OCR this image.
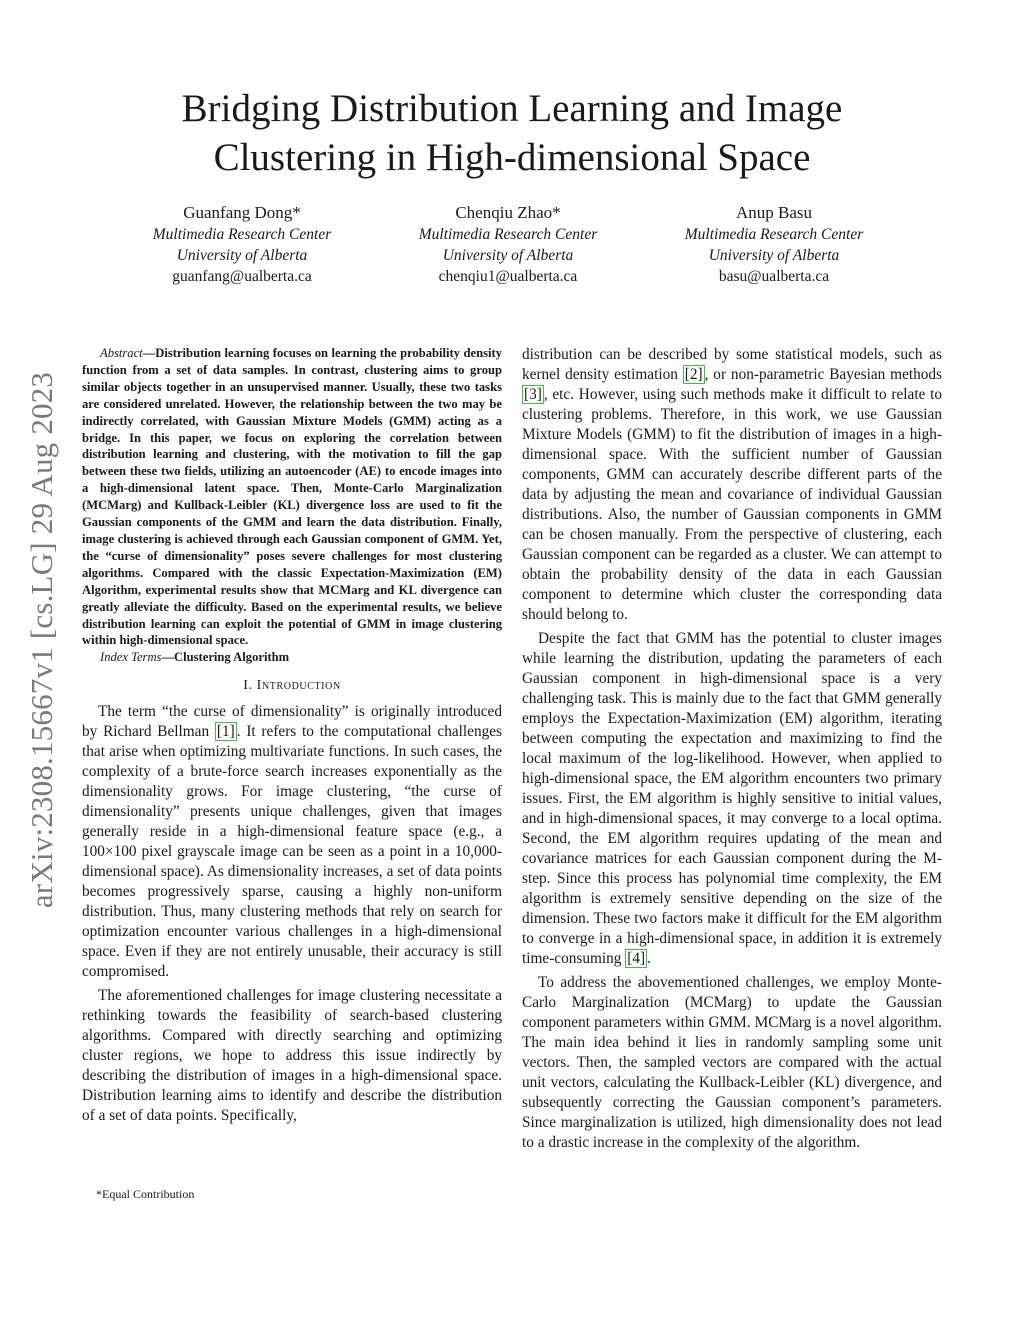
arXiv:2308.15667v1 [cs.LG] 29 Aug 2023
Bridging Distribution Learning and Image
Clustering in High-dimensional Space
Guanfang Dong*
Multimedia Research Center
University of Alberta
guanfang@ualberta.ca
Chenqiu Zhao*
Multimedia Research Center
University of Alberta
chenqiu1@ualberta.ca
Anup Basu
Multimedia Research Center
University of Alberta
basu@ualberta.ca

Abstract—Distribution learning focuses on learning the probability density function from a set of data samples. In contrast, clustering aims to group similar objects together in an unsupervised manner. Usually, these two tasks are considered unrelated. However, the relationship between the two may be indirectly correlated, with Gaussian Mixture Models (GMM) acting as a bridge. In this paper, we focus on exploring the correlation between distribution learning and clustering, with the motivation to fill the gap between these two fields, utilizing an autoencoder (AE) to encode images into a high-dimensional latent space. Then, Monte-Carlo Marginalization (MCMarg) and Kullback-Leibler (KL) divergence loss are used to fit the Gaussian components of the GMM and learn the data distribution. Finally, image clustering is achieved through each Gaussian component of GMM. Yet, the “curse of dimensionality” poses severe challenges for most clustering algorithms. Compared with the classic Expectation-Maximization (EM) Algorithm, experimental results show that MCMarg and KL divergence can greatly alleviate the difficulty. Based on the experimental results, we believe distribution learning can exploit the potential of GMM in image clustering within high-dimensional space.

Index Terms—Clustering Algorithm

I. Introduction

The term “the curse of dimensionality” is originally introduced by Richard Bellman [1] . It refers to the computational challenges that arise when optimizing multivariate functions. In such cases, the complexity of a brute-force search increases exponentially as the dimensionality grows. For image clustering, “the curse of dimensionality” presents unique challenges, given that images generally reside in a high-dimensional feature space (e.g., a 100×100 pixel grayscale image can be seen as a point in a 10,000-dimensional space). As dimensionality increases, a set of data points becomes progressively sparse, causing a highly non-uniform distribution. Thus, many clustering methods that rely on search for optimization encounter various challenges in a high-dimensional space. Even if they are not entirely unusable, their accuracy is still compromised.

The aforementioned challenges for image clustering necessitate a rethinking towards the feasibility of search-based clustering algorithms. Compared with directly searching and optimizing cluster regions, we hope to address this issue indirectly by describing the distribution of images in a high-dimensional space. Distribution learning aims to identify and describe the distribution of a set of data points. Specifically,

distribution can be described by some statistical models, such as kernel density estimation [2] , or non-parametric Bayesian methods [3] , etc. However, using such methods make it difficult to relate to clustering problems. Therefore, in this work, we use Gaussian Mixture Models (GMM) to fit the distribution of images in a high-dimensional space. With the sufficient number of Gaussian components, GMM can accurately describe different parts of the data by adjusting the mean and covariance of individual Gaussian distributions. Also, the number of Gaussian components in GMM can be chosen manually. From the perspective of clustering, each Gaussian component can be regarded as a cluster. We can attempt to obtain the probability density of the data in each Gaussian component to determine which cluster the corresponding data should belong to.

Despite the fact that GMM has the potential to cluster images while learning the distribution, updating the parameters of each Gaussian component in high-dimensional space is a very challenging task. This is mainly due to the fact that GMM generally employs the Expectation-Maximization (EM) algorithm, iterating between computing the expectation and maximizing to find the local maximum of the log-likelihood. However, when applied to high-dimensional space, the EM algorithm encounters two primary issues. First, the EM algorithm is highly sensitive to initial values, and in high-dimensional spaces, it may converge to a local optima. Second, the EM algorithm requires updating of the mean and covariance matrices for each Gaussian component during the M-step. Since this process has polynomial time complexity, the EM algorithm is extremely sensitive depending on the size of the dimension. These two factors make it difficult for the EM algorithm to converge in a high-dimensional space, in addition it is extremely time-consuming [4] .

To address the abovementioned challenges, we employ Monte-Carlo Marginalization (MCMarg) to update the Gaussian component parameters within GMM. MCMarg is a novel algorithm. The main idea behind it lies in randomly sampling some unit vectors. Then, the sampled vectors are compared with the actual unit vectors, calculating the Kullback-Leibler (KL) divergence, and subsequently correcting the Gaussian component’s parameters. Since marginalization is utilized, high dimensionality does not lead to a drastic increase in the complexity of the algorithm.

*Equal Contribution
